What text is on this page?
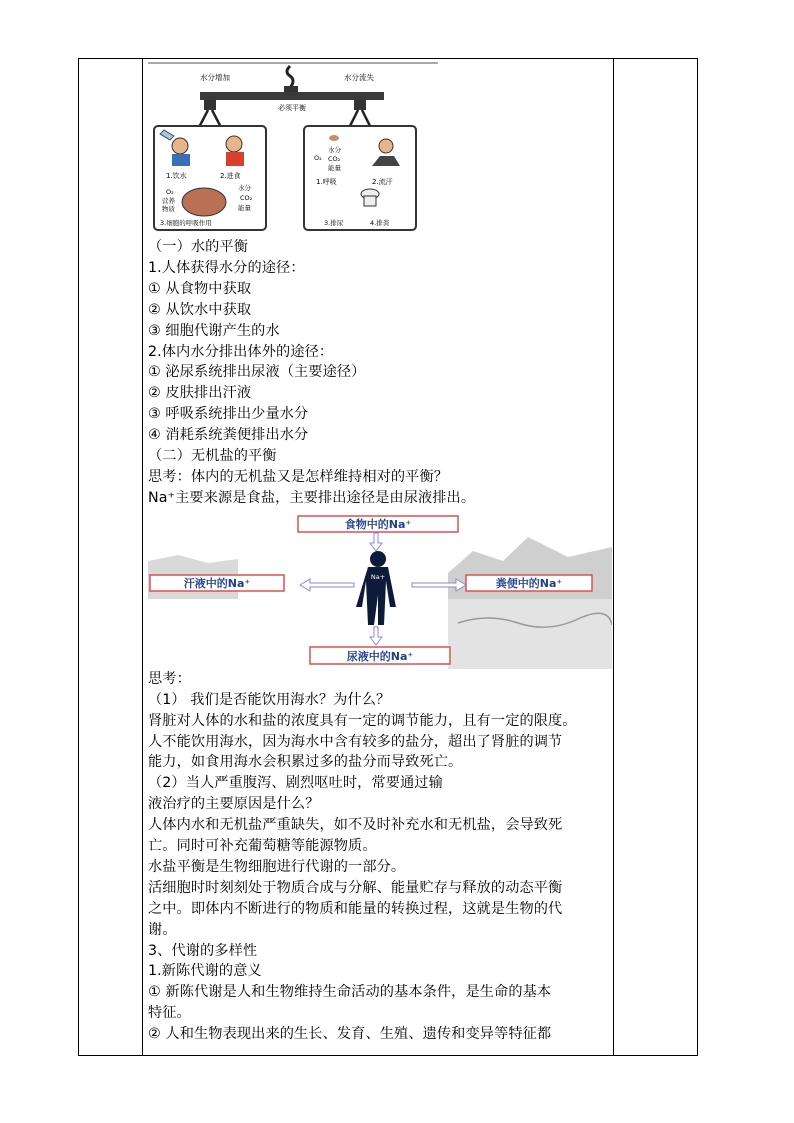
水分增加	水分流失
必须平衡
1.饮水	2.进食
O₂
营养
物质
水分
CO₂
能量
3.细胞的呼吸作用
O₂
水分
CO₂
能量
1.呼吸	2.流汗
3.排尿	4.排粪
（一）水的平衡
1.人体获得水分的途径：
① 从食物中获取
② 从饮水中获取
③ 细胞代谢产生的水
2.体内水分排出体外的途径：
① 泌尿系统排出尿液（主要途径）
② 皮肤排出汗液
③ 呼吸系统排出少量水分
④ 消耗系统粪便排出水分
（二）无机盐的平衡
思考：体内的无机盐又是怎样维持相对的平衡？
Na⁺主要来源是食盐，主要排出途径是由尿液排出。
食物中的Na⁺
Na+
汗液中的Na⁺	粪便中的Na⁺
尿液中的Na⁺
思考：
（1） 我们是否能饮用海水？为什么？
肾脏对人体的水和盐的浓度具有一定的调节能力，且有一定的限度。
人不能饮用海水，因为海水中含有较多的盐分，超出了肾脏的调节
能力，如食用海水会积累过多的盐分而导致死亡。
（2）当人严重腹泻、剧烈呕吐时，常要通过输
液治疗的主要原因是什么？
人体内水和无机盐严重缺失，如不及时补充水和无机盐，会导致死
亡。同时可补充葡萄糖等能源物质。
水盐平衡是生物细胞进行代谢的一部分。
活细胞时时刻刻处于物质合成与分解、能量贮存与释放的动态平衡
之中。即体内不断进行的物质和能量的转换过程，这就是生物的代
谢。
3、代谢的多样性
1.新陈代谢的意义
① 新陈代谢是人和生物维持生命活动的基本条件，是生命的基本
特征。
② 人和生物表现出来的生长、发育、生殖、遗传和变异等特征都
